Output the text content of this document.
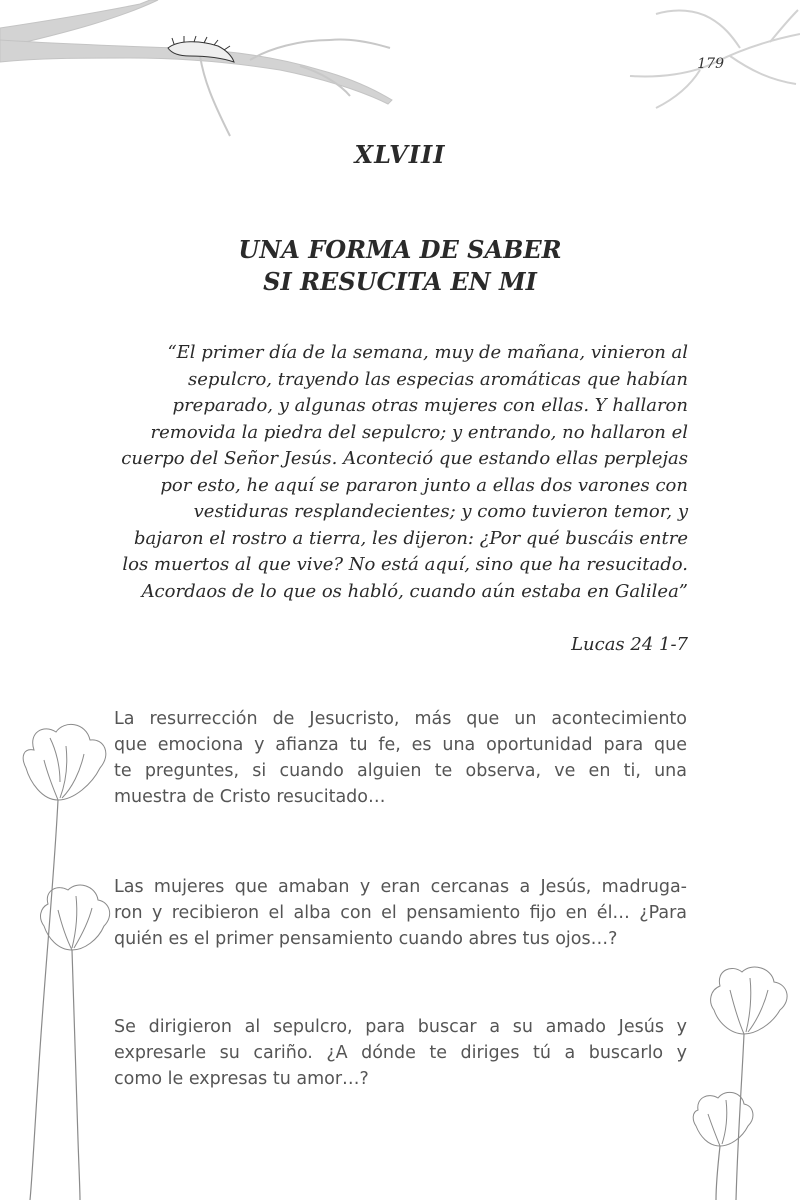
179
XLVIII
UNA FORMA DE SABER
SI RESUCITA EN MI
“El primer día de la semana, muy de mañana, vinieron al
sepulcro, trayendo las especias aromáticas que habían
preparado, y algunas otras mujeres con ellas. Y hallaron
removida la piedra del sepulcro; y entrando, no hallaron el
cuerpo del Señor Jesús. Aconteció que estando ellas perplejas
por esto, he aquí se pararon junto a ellas dos varones con
vestiduras resplandecientes; y como tuvieron temor, y
bajaron el rostro a tierra, les dijeron: ¿Por qué buscáis entre
los muertos al que vive? No está aquí, sino que ha resucitado.
Acordaos de lo que os habló, cuando aún estaba en Galilea”
Lucas 24 1-7
La resurrección de Jesucristo, más que un acontecimiento
que emociona y afianza tu fe, es una oportunidad para que
te preguntes, si cuando alguien te observa, ve en ti, una
muestra de Cristo resucitado…
Las mujeres que amaban y eran cercanas a Jesús, madruga-
ron y recibieron el alba con el pensamiento fijo en él… ¿Para
quién es el primer pensamiento cuando abres tus ojos…?
Se dirigieron al sepulcro, para buscar a su amado Jesús y
expresarle su cariño. ¿A dónde te diriges tú a buscarlo y
como le expresas tu amor…?
